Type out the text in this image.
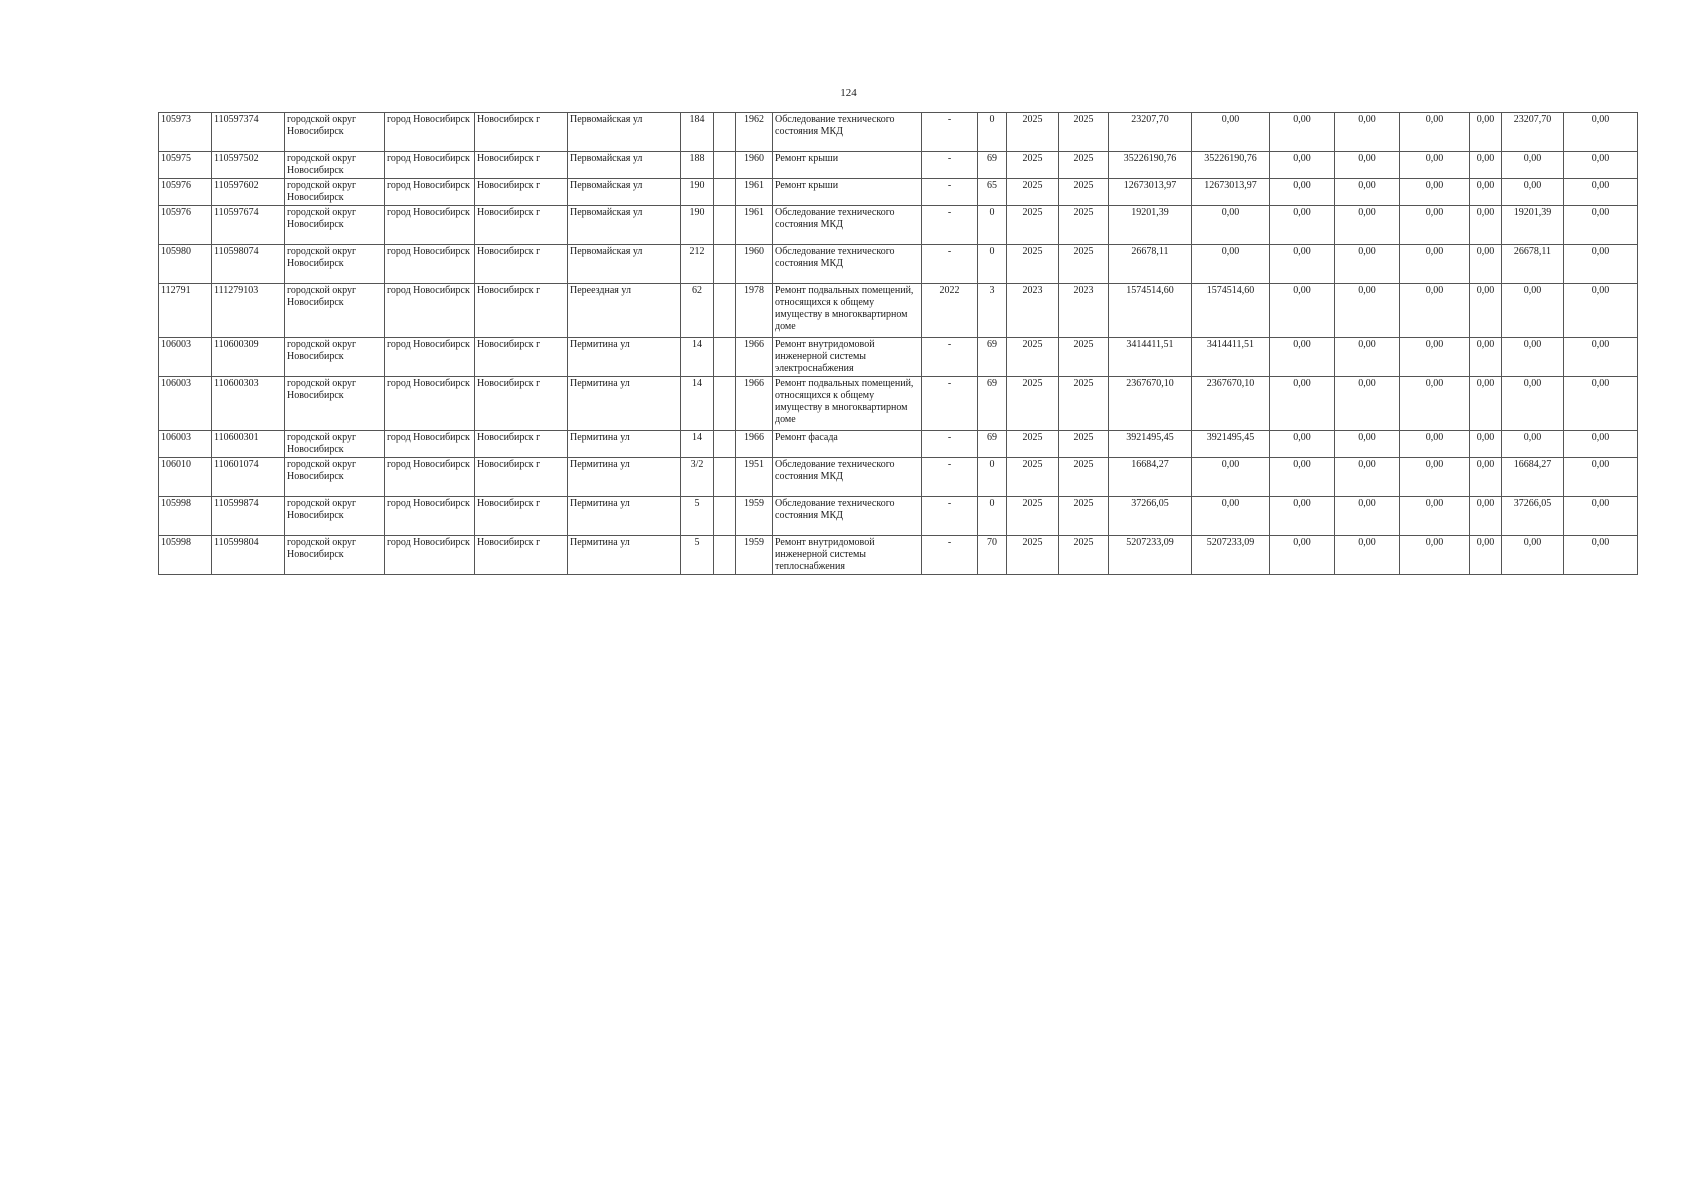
124
105973	110597374	городской округ Новосибирск	город Новосибирск	Новосибирск г	Первомайская ул	184		1962	Обследование технического состояния МКД	-	0	2025	2025	23207,70	0,00	0,00	0,00	0,00	0,00	23207,70	0,00
105975	110597502	городской округ Новосибирск	город Новосибирск	Новосибирск г	Первомайская ул	188		1960	Ремонт крыши	-	69	2025	2025	35226190,76	35226190,76	0,00	0,00	0,00	0,00	0,00	0,00
105976	110597602	городской округ Новосибирск	город Новосибирск	Новосибирск г	Первомайская ул	190		1961	Ремонт крыши	-	65	2025	2025	12673013,97	12673013,97	0,00	0,00	0,00	0,00	0,00	0,00
105976	110597674	городской округ Новосибирск	город Новосибирск	Новосибирск г	Первомайская ул	190		1961	Обследование технического состояния МКД	-	0	2025	2025	19201,39	0,00	0,00	0,00	0,00	0,00	19201,39	0,00
105980	110598074	городской округ Новосибирск	город Новосибирск	Новосибирск г	Первомайская ул	212		1960	Обследование технического состояния МКД	-	0	2025	2025	26678,11	0,00	0,00	0,00	0,00	0,00	26678,11	0,00
112791	111279103	городской округ Новосибирск	город Новосибирск	Новосибирск г	Переездная ул	62		1978	Ремонт подвальных помещений, относящихся к общему имуществу в многоквартирном доме	2022	3	2023	2023	1574514,60	1574514,60	0,00	0,00	0,00	0,00	0,00	0,00
106003	110600309	городской округ Новосибирск	город Новосибирск	Новосибирск г	Пермитина ул	14		1966	Ремонт внутридомовой инженерной системы электроснабжения	-	69	2025	2025	3414411,51	3414411,51	0,00	0,00	0,00	0,00	0,00	0,00
106003	110600303	городской округ Новосибирск	город Новосибирск	Новосибирск г	Пермитина ул	14		1966	Ремонт подвальных помещений, относящихся к общему имуществу в многоквартирном доме	-	69	2025	2025	2367670,10	2367670,10	0,00	0,00	0,00	0,00	0,00	0,00
106003	110600301	городской округ Новосибирск	город Новосибирск	Новосибирск г	Пермитина ул	14		1966	Ремонт фасада	-	69	2025	2025	3921495,45	3921495,45	0,00	0,00	0,00	0,00	0,00	0,00
106010	110601074	городской округ Новосибирск	город Новосибирск	Новосибирск г	Пермитина ул	3/2		1951	Обследование технического состояния МКД	-	0	2025	2025	16684,27	0,00	0,00	0,00	0,00	0,00	16684,27	0,00
105998	110599874	городской округ Новосибирск	город Новосибирск	Новосибирск г	Пермитина ул	5		1959	Обследование технического состояния МКД	-	0	2025	2025	37266,05	0,00	0,00	0,00	0,00	0,00	37266,05	0,00
105998	110599804	городской округ Новосибирск	город Новосибирск	Новосибирск г	Пермитина ул	5		1959	Ремонт внутридомовой инженерной системы теплоснабжения	-	70	2025	2025	5207233,09	5207233,09	0,00	0,00	0,00	0,00	0,00	0,00
